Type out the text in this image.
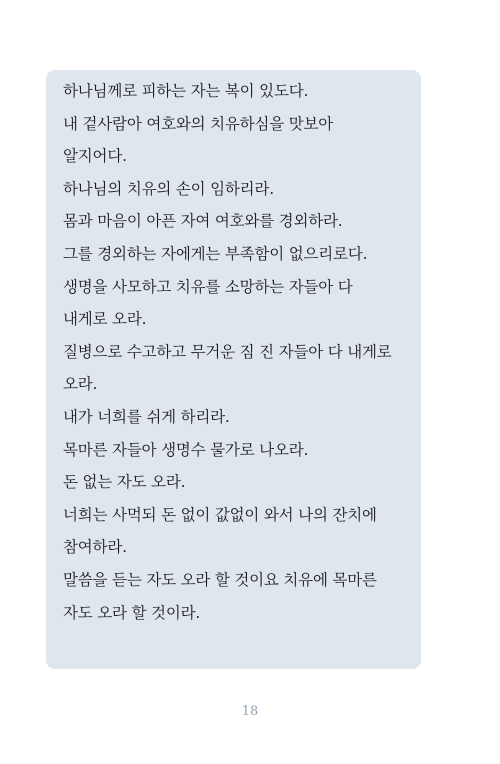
하나님께로 피하는 자는 복이 있도다.
내 겉사람아 여호와의 치유하심을 맛보아
알지어다.
하나님의 치유의 손이 임하리라.
몸과 마음이 아픈 자여 여호와를 경외하라.
그를 경외하는 자에게는 부족함이 없으리로다.
생명을 사모하고 치유를 소망하는 자들아 다
내게로 오라.
질병으로 수고하고 무거운 짐 진 자들아 다 내게로
오라.
내가 너희를 쉬게 하리라.
목마른 자들아 생명수 물가로 나오라.
돈 없는 자도 오라.
너희는 사먹되 돈 없이 값없이 와서 나의 잔치에
참여하라.
말씀을 듣는 자도 오라 할 것이요 치유에 목마른
자도 오라 할 것이라.
18
